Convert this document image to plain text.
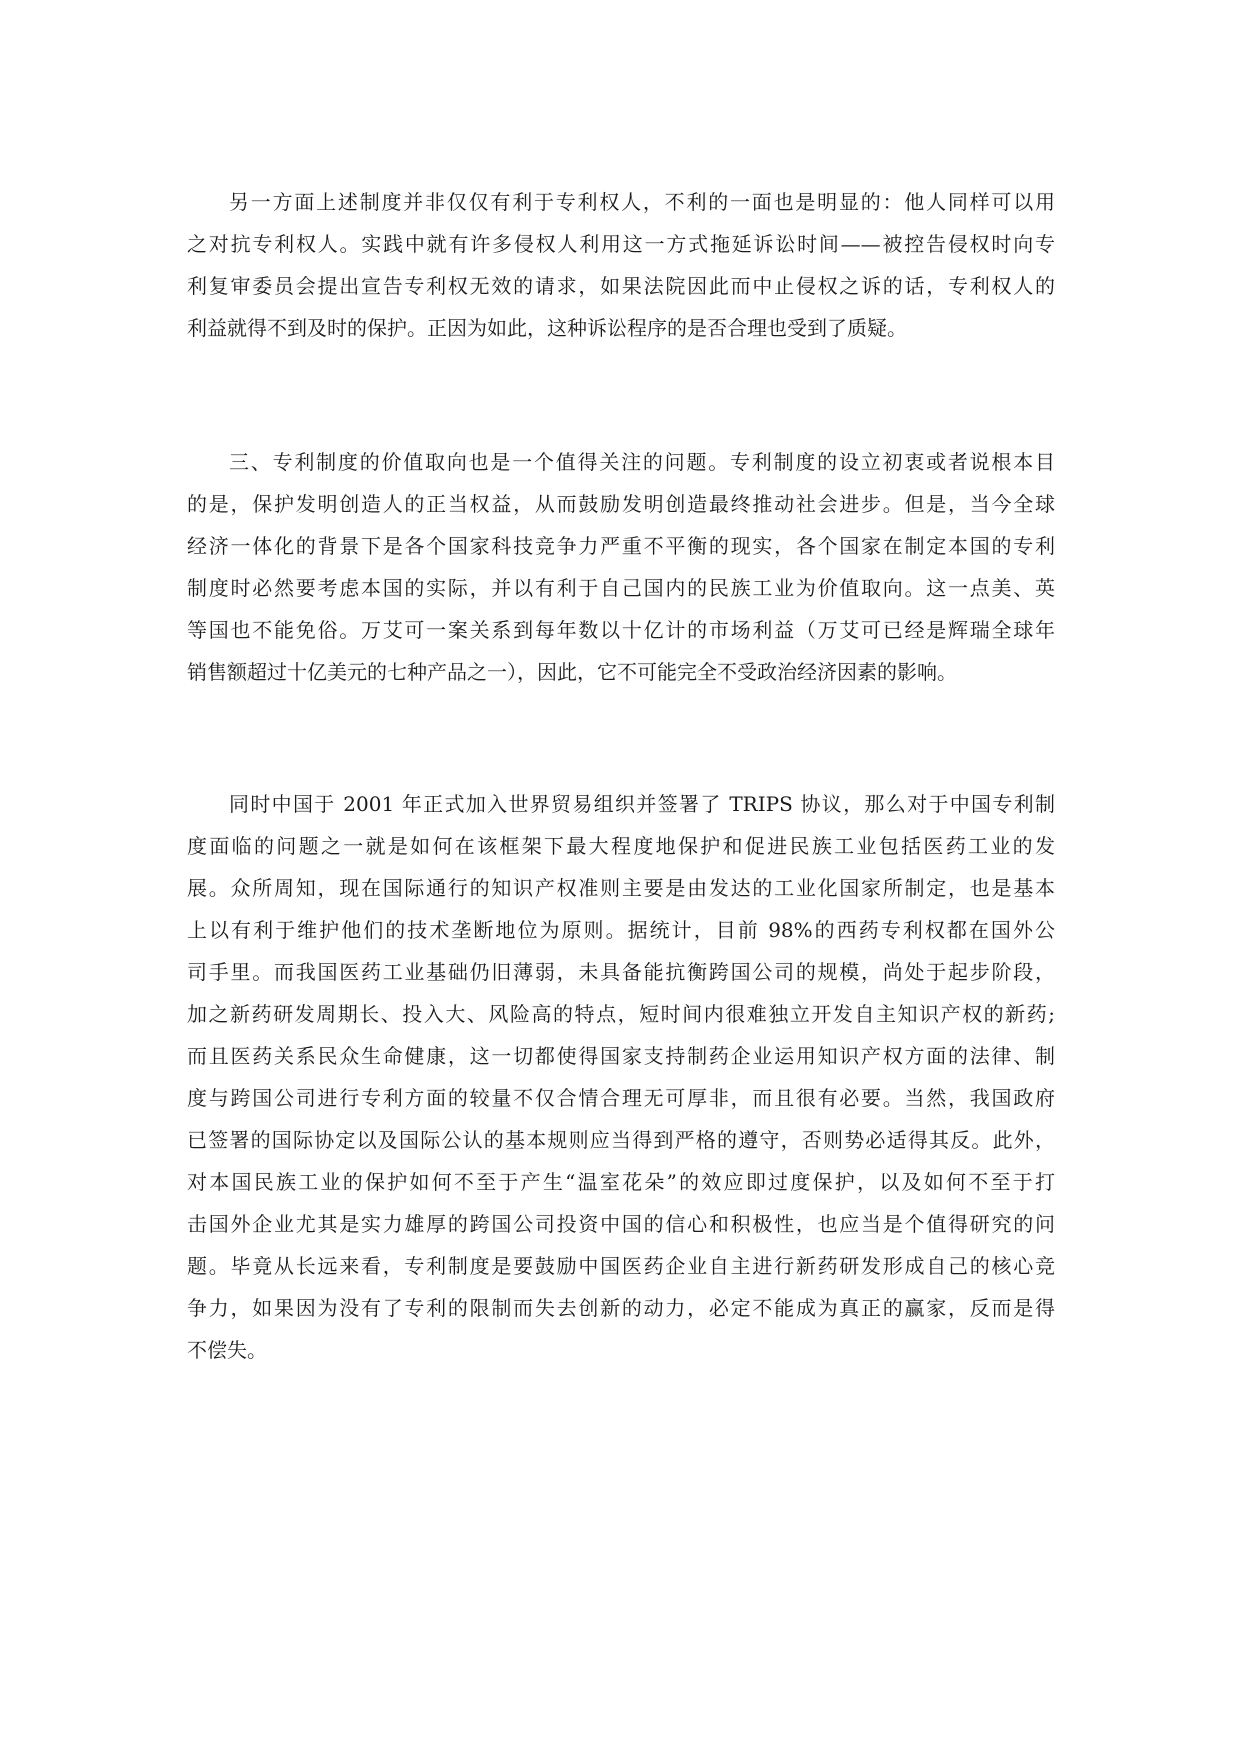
另一方面上述制度并非仅仅有利于专利权人，不利的一面也是明显的：他人同样可以用
之对抗专利权人。实践中就有许多侵权人利用这一方式拖延诉讼时间——被控告侵权时向专
利复审委员会提出宣告专利权无效的请求，如果法院因此而中止侵权之诉的话，专利权人的
利益就得不到及时的保护。正因为如此，这种诉讼程序的是否合理也受到了质疑。
三、专利制度的价值取向也是一个值得关注的问题。专利制度的设立初衷或者说根本目
的是，保护发明创造人的正当权益，从而鼓励发明创造最终推动社会进步。但是，当今全球
经济一体化的背景下是各个国家科技竞争力严重不平衡的现实，各个国家在制定本国的专利
制度时必然要考虑本国的实际，并以有利于自己国内的民族工业为价值取向。这一点美、英
等国也不能免俗。万艾可一案关系到每年数以十亿计的市场利益（万艾可已经是辉瑞全球年
销售额超过十亿美元的七种产品之一），因此，它不可能完全不受政治经济因素的影响。
同时中国于 2001 年正式加入世界贸易组织并签署了 TRIPS 协议，那么对于中国专利制
度面临的问题之一就是如何在该框架下最大程度地保护和促进民族工业包括医药工业的发
展。众所周知，现在国际通行的知识产权准则主要是由发达的工业化国家所制定，也是基本
上以有利于维护他们的技术垄断地位为原则。据统计，目前 98%的西药专利权都在国外公
司手里。而我国医药工业基础仍旧薄弱，未具备能抗衡跨国公司的规模，尚处于起步阶段，
加之新药研发周期长、投入大、风险高的特点，短时间内很难独立开发自主知识产权的新药;
而且医药关系民众生命健康，这一切都使得国家支持制药企业运用知识产权方面的法律、制
度与跨国公司进行专利方面的较量不仅合情合理无可厚非，而且很有必要。当然，我国政府
已签署的国际协定以及国际公认的基本规则应当得到严格的遵守，否则势必适得其反。此外，
对本国民族工业的保护如何不至于产生“温室花朵”的效应即过度保护，以及如何不至于打
击国外企业尤其是实力雄厚的跨国公司投资中国的信心和积极性，也应当是个值得研究的问
题。毕竟从长远来看，专利制度是要鼓励中国医药企业自主进行新药研发形成自己的核心竞
争力，如果因为没有了专利的限制而失去创新的动力，必定不能成为真正的赢家，反而是得
不偿失。
